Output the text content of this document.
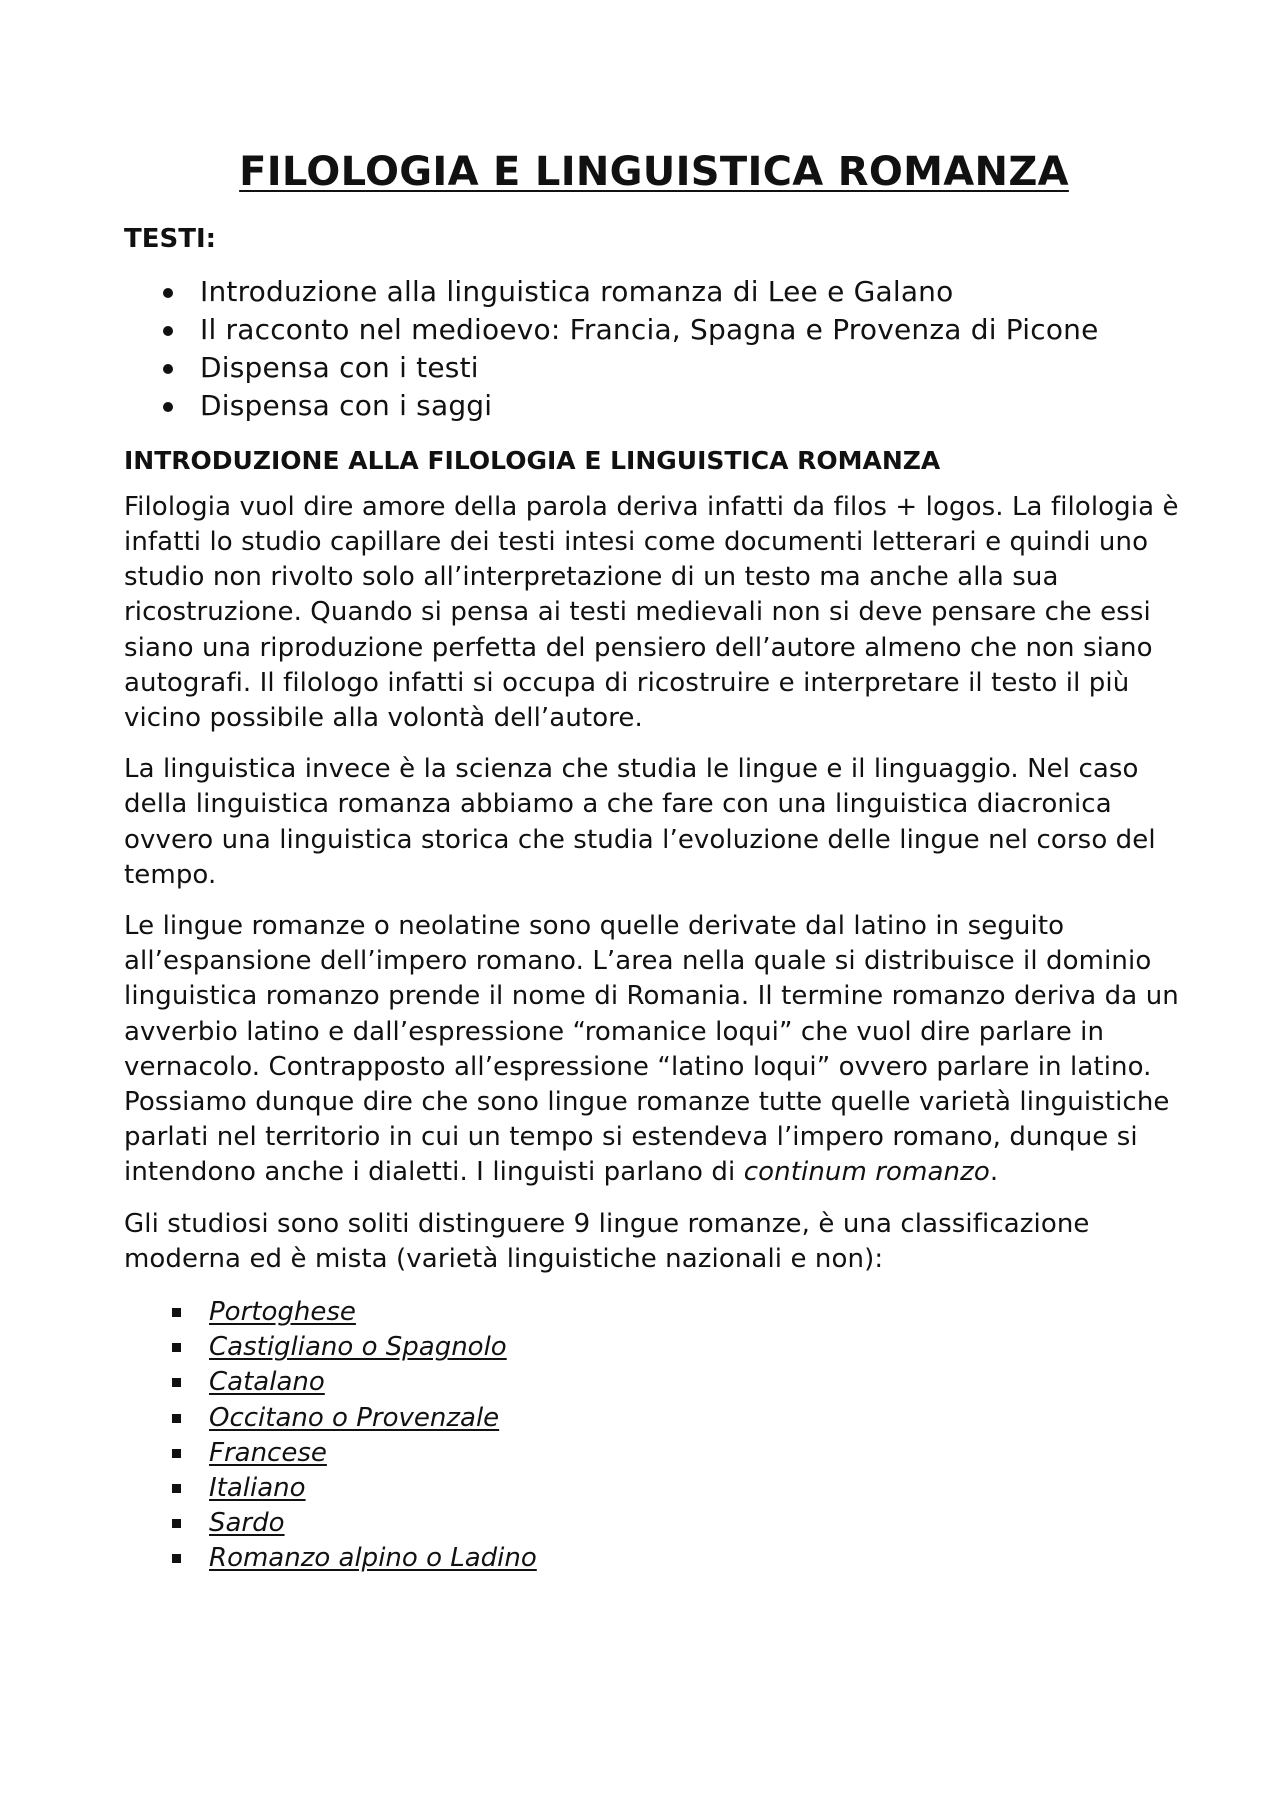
FILOLOGIA E LINGUISTICA ROMANZA
TESTI:
Introduzione alla linguistica romanza di Lee e Galano
Il racconto nel medioevo: Francia, Spagna e Provenza di Picone
Dispensa con i testi
Dispensa con i saggi
INTRODUZIONE ALLA FILOLOGIA E LINGUISTICA ROMANZA

Filologia vuol dire amore della parola deriva infatti da filos + logos. La filologia è infatti lo studio capillare dei testi intesi come documenti letterari e quindi uno studio non rivolto solo all’interpretazione di un testo ma anche alla sua ricostruzione. Quando si pensa ai testi medievali non si deve pensare che essi siano una riproduzione perfetta del pensiero dell’autore almeno che non siano autografi. Il filologo infatti si occupa di ricostruire e interpretare il testo il più vicino possibile alla volontà dell’autore.

La linguistica invece è la scienza che studia le lingue e il linguaggio. Nel caso della linguistica romanza abbiamo a che fare con una linguistica diacronica ovvero una linguistica storica che studia l’evoluzione delle lingue nel corso del tempo.

Le lingue romanze o neolatine sono quelle derivate dal latino in seguito all’espansione dell’impero romano. L’area nella quale si distribuisce il dominio linguistica romanzo prende il nome di Romania. Il termine romanzo deriva da un avverbio latino e dall’espressione “romanice loqui” che vuol dire parlare in vernacolo. Contrapposto all’espressione “latino loqui” ovvero parlare in latino. Possiamo dunque dire che sono lingue romanze tutte quelle varietà linguistiche parlati nel territorio in cui un tempo si estendeva l’impero romano, dunque si intendono anche i dialetti. I linguisti parlano di continum romanzo.

Gli studiosi sono soliti distinguere 9 lingue romanze, è una classificazione moderna ed è mista (varietà linguistiche nazionali e non):

Portoghese
Castigliano o Spagnolo
Catalano
Occitano o Provenzale
Francese
Italiano
Sardo
Romanzo alpino o Ladino
